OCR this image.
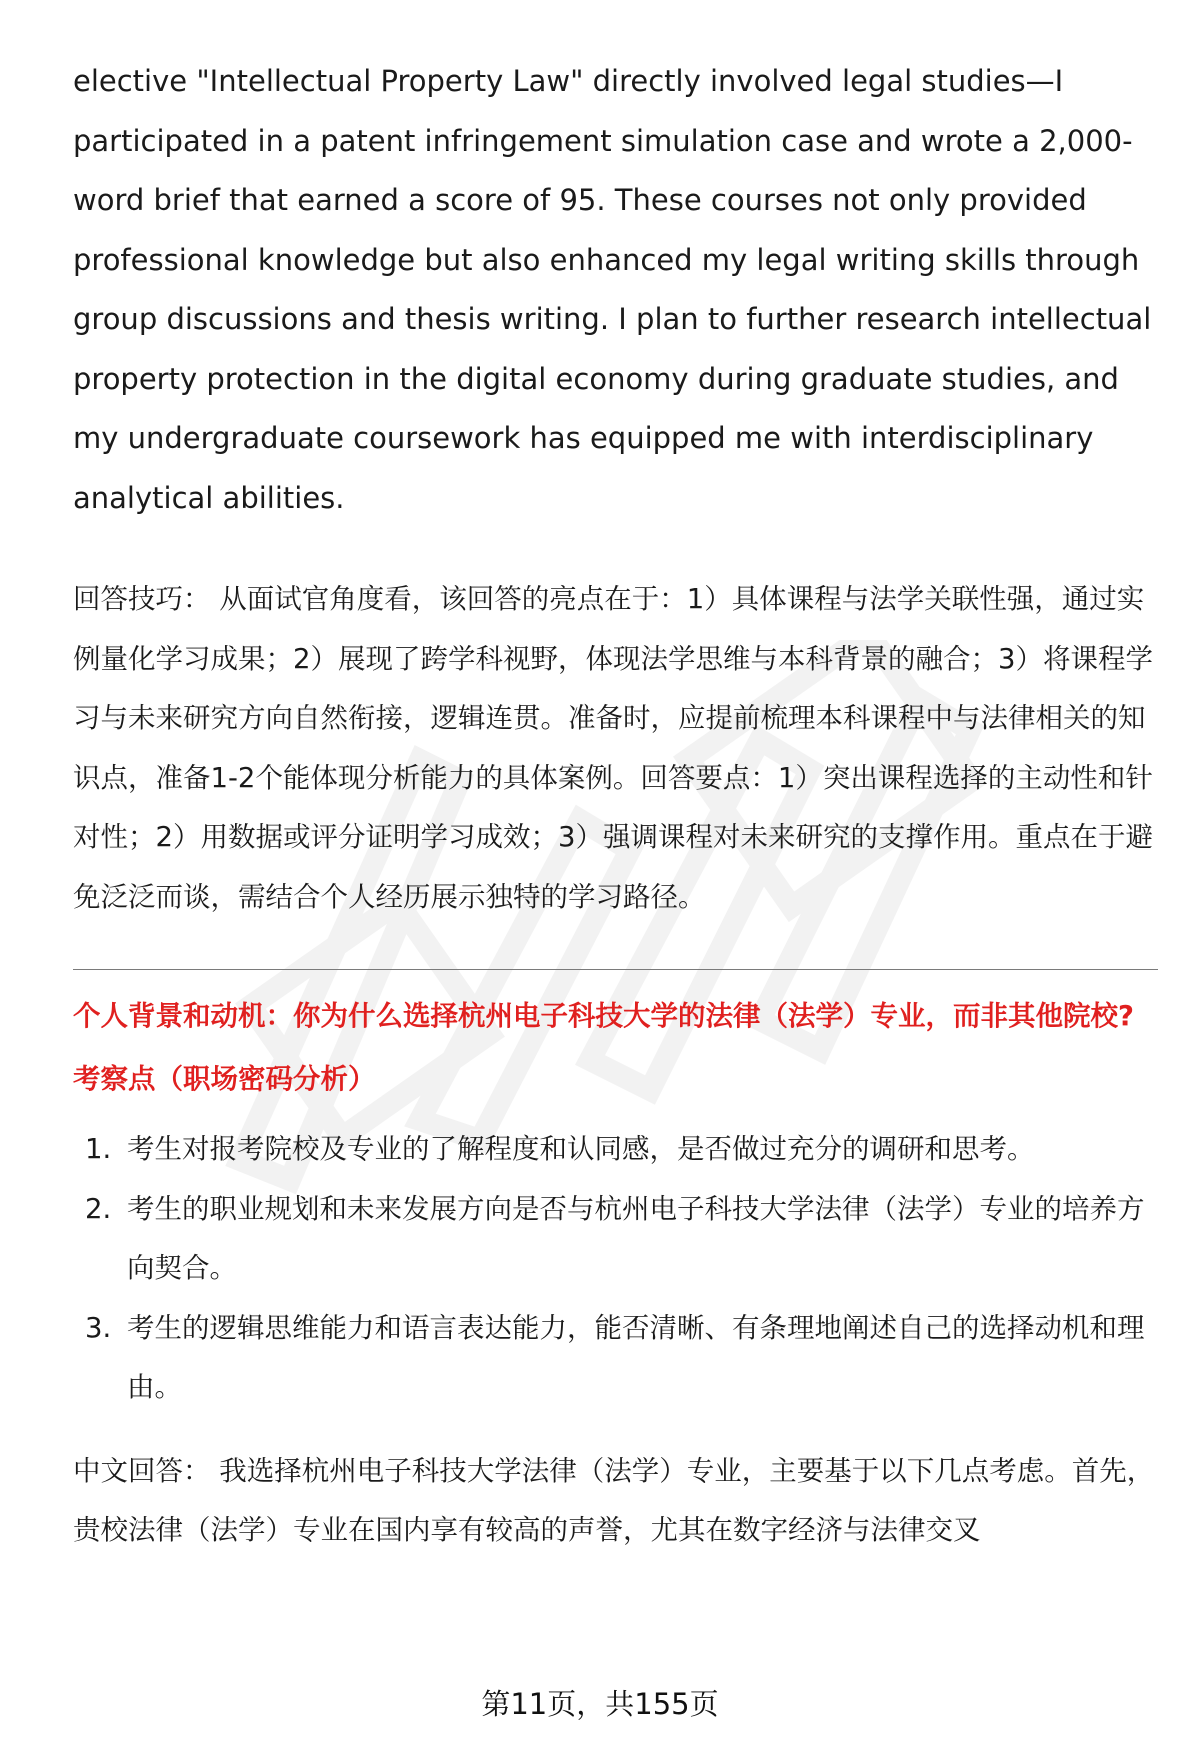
elective "Intellectual Property Law" directly involved legal studies—I participated in a patent infringement simulation case and wrote a 2,000-word brief that earned a score of 95. These courses not only provided professional knowledge but also enhanced my legal writing skills through group discussions and thesis writing. I plan to further research intellectual property protection in the digital economy during graduate studies, and my undergraduate coursework has equipped me with interdisciplinary analytical abilities.

回答技巧： 从面试官角度看，该回答的亮点在于：1）具体课程与法学关联性强，通过实例量化学习成果；2）展现了跨学科视野，体现法学思维与本科背景的融合；3）将课程学习与未来研究方向自然衔接，逻辑连贯。准备时，应提前梳理本科课程中与法律相关的知识点，准备1-2个能体现分析能力的具体案例。回答要点：1）突出课程选择的主动性和针对性；2）用数据或评分证明学习成效；3）强调课程对未来研究的支撑作用。重点在于避免泛泛而谈，需结合个人经历展示独特的学习路径。

个人背景和动机：你为什么选择杭州电子科技大学的法律（法学）专业，而非其他院校?
考察点（职场密码分析）
1. 考生对报考院校及专业的了解程度和认同感，是否做过充分的调研和思考。
2. 考生的职业规划和未来发展方向是否与杭州电子科技大学法律（法学）专业的培养方向契合。
3. 考生的逻辑思维能力和语言表达能力，能否清晰、有条理地阐述自己的选择动机和理由。

中文回答： 我选择杭州电子科技大学法律（法学）专业，主要基于以下几点考虑。首先，贵校法律（法学）专业在国内享有较高的声誉，尤其在数字经济与法律交叉

第11页，共155页
